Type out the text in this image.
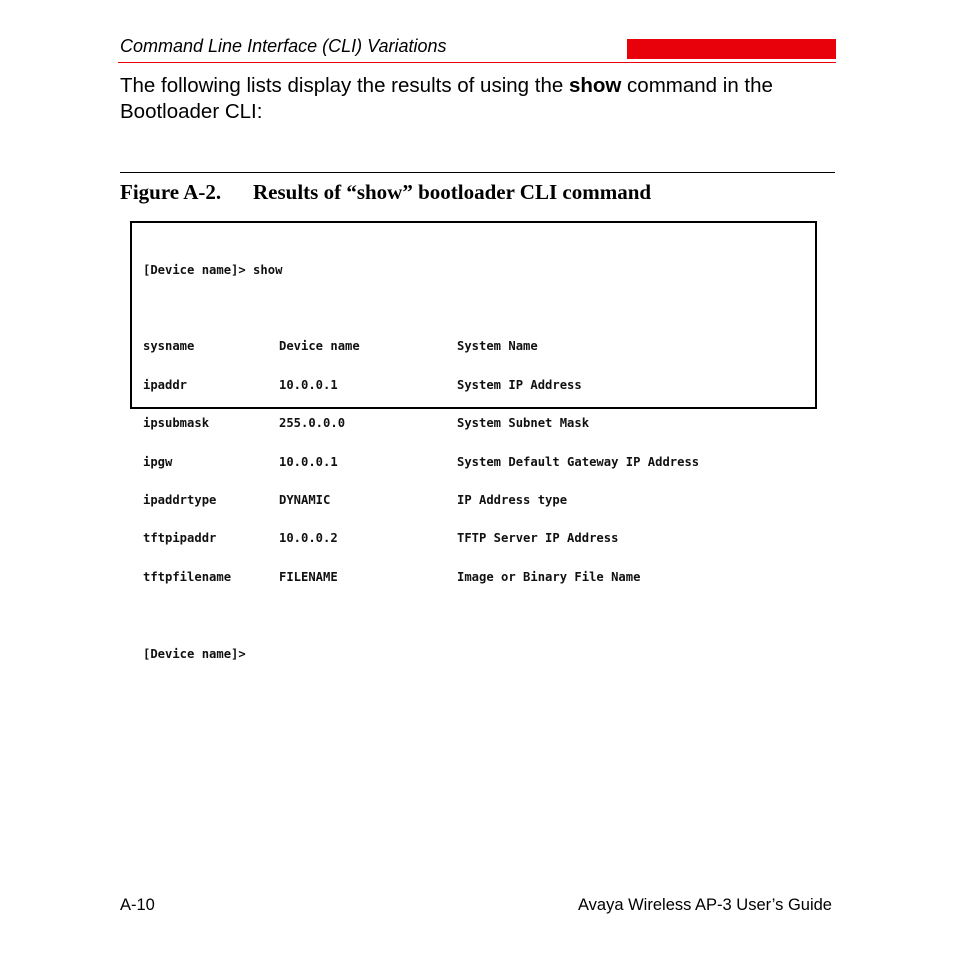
Command Line Interface (CLI) Variations
The following lists display the results of using the show command in the Bootloader CLI:
Figure A-2. Results of “show” bootloader CLI command

[Device name]> show

sysname	Device name	System Name

ipaddr	10.0.0.1	System IP Address

ipsubmask	255.0.0.0	System Subnet Mask

ipgw	10.0.0.1	System Default Gateway IP Address

ipaddrtype	DYNAMIC	IP Address type

tftpipaddr	10.0.0.2	TFTP Server IP Address

tftpfilename	FILENAME	Image or Binary File Name

[Device name]>

A-10	Avaya Wireless AP-3 User’s Guide
